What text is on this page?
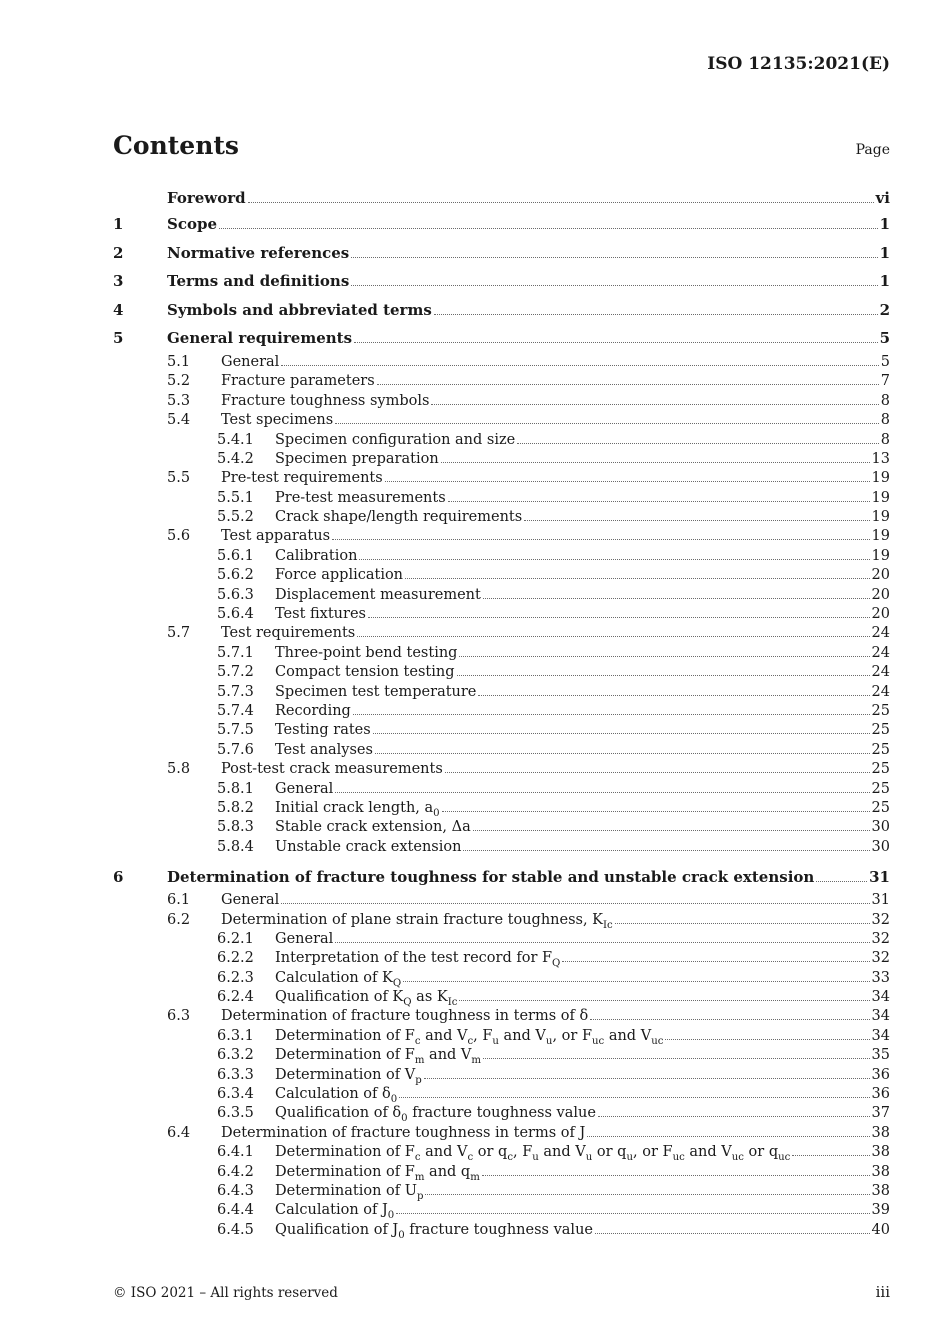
ISO 12135:2021(E)
Contents	Page
Foreword	vi
1	Scope	1
2	Normative references	1
3	Terms and definitions	1
4	Symbols and abbreviated terms	2
5	General requirements	5
5.1	General	5
5.2	Fracture parameters	7
5.3	Fracture toughness symbols	8
5.4	Test specimens	8
5.4.1	Specimen configuration and size	8
5.4.2	Specimen preparation	13
5.5	Pre-test requirements	19
5.5.1	Pre-test measurements	19
5.5.2	Crack shape/length requirements	19
5.6	Test apparatus	19
5.6.1	Calibration	19
5.6.2	Force application	20
5.6.3	Displacement measurement	20
5.6.4	Test fixtures	20
5.7	Test requirements	24
5.7.1	Three-point bend testing	24
5.7.2	Compact tension testing	24
5.7.3	Specimen test temperature	24
5.7.4	Recording	25
5.7.5	Testing rates	25
5.7.6	Test analyses	25
5.8	Post-test crack measurements	25
5.8.1	General	25
5.8.2	Initial crack length, $a_0$	25
5.8.3	Stable crack extension, Δa	30
5.8.4	Unstable crack extension	30
6	Determination of fracture toughness for stable and unstable crack extension	31
6.1	General	31
6.2	Determination of plane strain fracture toughness, $K_{Ic}$	32
6.2.1	General	32
6.2.2	Interpretation of the test record for $F_Q$	32
6.2.3	Calculation of $K_Q$	33
6.2.4	Qualification of $K_Q$ as $K_{Ic}$	34
6.3	Determination of fracture toughness in terms of δ	34
6.3.1	Determination of $F_c$ and $V_c$, $F_u$ and $V_u$, or $F_{uc}$ and $V_{uc}$	34
6.3.2	Determination of $F_m$ and $V_m$	35
6.3.3	Determination of $V_p$	36
6.3.4	Calculation of $\delta_0$	36
6.3.5	Qualification of $\delta_0$ fracture toughness value	37
6.4	Determination of fracture toughness in terms of J	38
6.4.1	Determination of $F_c$ and $V_c$ or $q_c$, $F_u$ and $V_u$ or $q_u$, or $F_{uc}$ and $V_{uc}$ or $q_{uc}$	38
6.4.2	Determination of $F_m$ and $q_m$	38
6.4.3	Determination of $U_p$	38
6.4.4	Calculation of $J_0$	39
6.4.5	Qualification of $J_0$ fracture toughness value	40
© ISO 2021 – All rights reserved	iii
